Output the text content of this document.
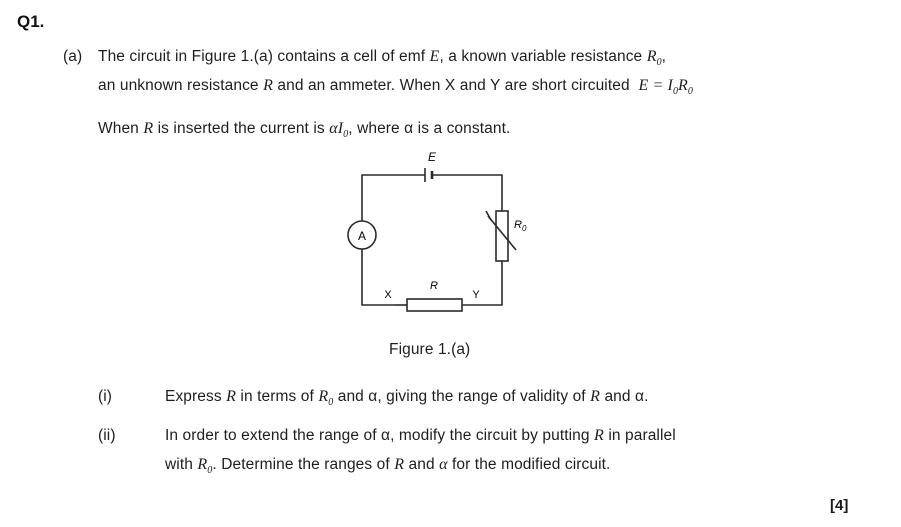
Q1.
(a) The circuit in Figure 1.(a) contains a cell of emf E, a known variable resistance $R_0$,
an unknown resistance R and an ammeter. When X and Y are short circuited $E = I_0R_0$
When R is inserted the current is $\alpha I_0$, where α is a constant.
E
A
R
$R_0$
X	Y
Figure 1.(a)
(i)	Express R in terms of $R_0$ and α, giving the range of validity of R and α.
(ii)	In order to extend the range of α, modify the circuit by putting R in parallel
with $R_0$. Determine the ranges of R and α for the modified circuit.
[4]
